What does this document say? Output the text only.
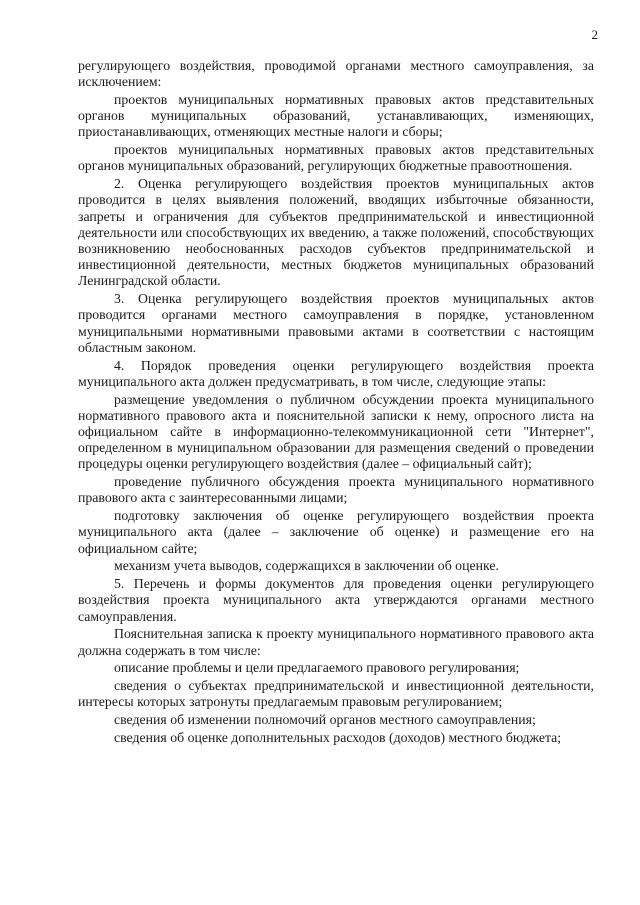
2

регулирующего воздействия, проводимой органами местного самоуправления, за исключением:

проектов муниципальных нормативных правовых актов представительных органов муниципальных образований, устанавливающих, изменяющих, приостанавливающих, отменяющих местные налоги и сборы;

проектов муниципальных нормативных правовых актов представительных органов муниципальных образований, регулирующих бюджетные правоотношения.

2. Оценка регулирующего воздействия проектов муниципальных актов проводится в целях выявления положений, вводящих избыточные обязанности, запреты и ограничения для субъектов предпринимательской и инвестиционной деятельности или способствующих их введению, а также положений, способствующих возникновению необоснованных расходов субъектов предпринимательской и инвестиционной деятельности, местных бюджетов муниципальных образований Ленинградской области.

3. Оценка регулирующего воздействия проектов муниципальных актов проводится органами местного самоуправления в порядке, установленном муниципальными нормативными правовыми актами в соответствии с настоящим областным законом.

4. Порядок проведения оценки регулирующего воздействия проекта муниципального акта должен предусматривать, в том числе, следующие этапы:

размещение уведомления о публичном обсуждении проекта муниципального нормативного правового акта и пояснительной записки к нему, опросного листа на официальном сайте в информационно-телекоммуникационной сети "Интернет", определенном в муниципальном образовании для размещения сведений о проведении процедуры оценки регулирующего воздействия (далее – официальный сайт);

проведение публичного обсуждения проекта муниципального нормативного правового акта с заинтересованными лицами;

подготовку заключения об оценке регулирующего воздействия проекта муниципального акта (далее – заключение об оценке) и размещение его на официальном сайте;

механизм учета выводов, содержащихся в заключении об оценке.

5. Перечень и формы документов для проведения оценки регулирующего воздействия проекта муниципального акта утверждаются органами местного самоуправления.

Пояснительная записка к проекту муниципального нормативного правового акта должна содержать в том числе:

описание проблемы и цели предлагаемого правового регулирования;

сведения о субъектах предпринимательской и инвестиционной деятельности, интересы которых затронуты предлагаемым правовым регулированием;

сведения об изменении полномочий органов местного самоуправления;

сведения об оценке дополнительных расходов (доходов) местного бюджета;
